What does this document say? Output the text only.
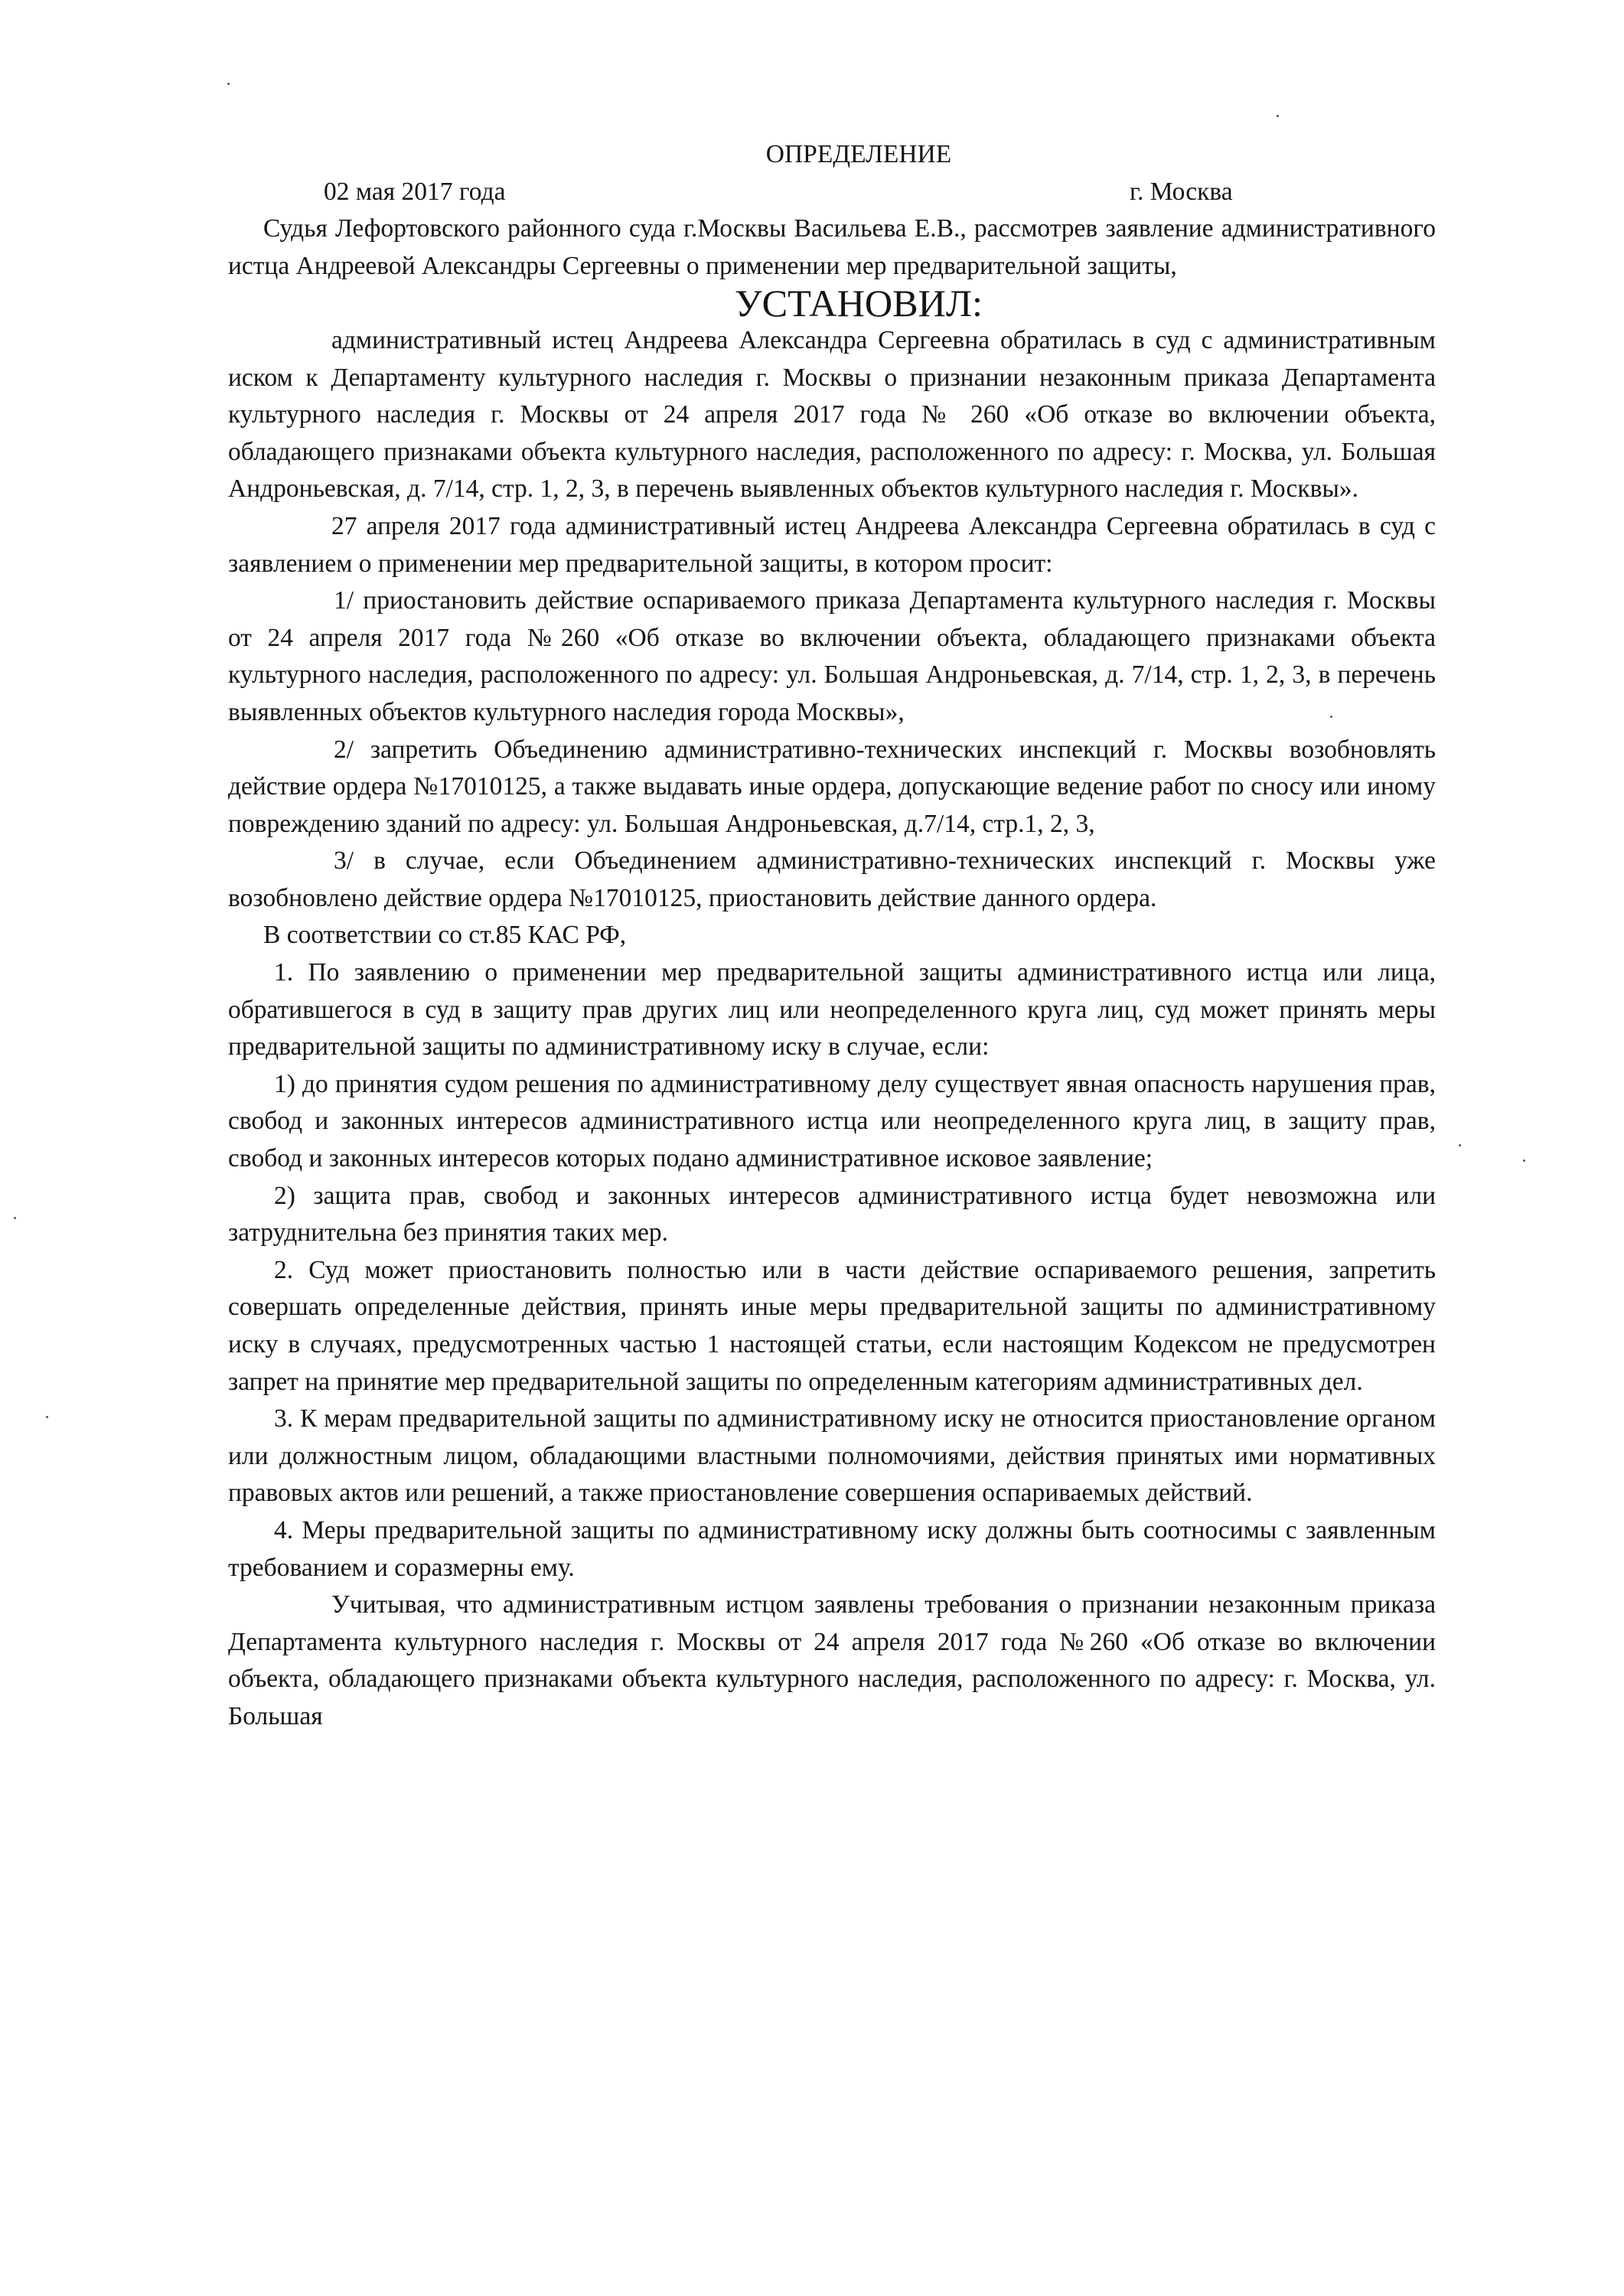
ОПРЕДЕЛЕНИЕ
02 мая 2017 года	г. Москва

Судья Лефортовского районного суда г.Москвы Васильева Е.В., рассмотрев заявление административного истца Андреевой Александры Сергеевны о применении мер предварительной защиты,

УСТАНОВИЛ:

административный истец Андреева Александра Сергеевна обратилась в суд с административным иском к Департаменту культурного наследия г. Москвы о признании незаконным приказа Департамента культурного наследия г. Москвы от 24 апреля 2017 года № 260 «Об отказе во включении объекта, обладающего признаками объекта культурного наследия, расположенного по адресу: г. Москва, ул. Большая Андроньевская, д. 7/14, стр. 1, 2, 3, в перечень выявленных объектов культурного наследия г. Москвы».

27 апреля 2017 года административный истец Андреева Александра Сергеевна обратилась в суд с заявлением о применении мер предварительной защиты, в котором просит:

1/ приостановить действие оспариваемого приказа Департамента культурного наследия г. Москвы от 24 апреля 2017 года №260 «Об отказе во включении объекта, обладающего признаками объекта культурного наследия, расположенного по адресу: ул. Большая Андроньевская, д. 7/14, стр. 1, 2, 3, в перечень выявленных объектов культурного наследия города Москвы»,

2/ запретить Объединению административно-технических инспекций г. Москвы возобновлять действие ордера №17010125, а также выдавать иные ордера, допускающие ведение работ по сносу или иному повреждению зданий по адресу: ул. Большая Андроньевская, д.7/14, стр.1, 2, 3,

3/ в случае, если Объединением административно-технических инспекций г. Москвы уже возобновлено действие ордера №17010125, приостановить действие данного ордера.

В соответствии со ст.85 КАС РФ,

1. По заявлению о применении мер предварительной защиты административного истца или лица, обратившегося в суд в защиту прав других лиц или неопределенного круга лиц, суд может принять меры предварительной защиты по административному иску в случае, если:

1) до принятия судом решения по административному делу существует явная опасность нарушения прав, свобод и законных интересов административного истца или неопределенного круга лиц, в защиту прав, свобод и законных интересов которых подано административное исковое заявление;

2) защита прав, свобод и законных интересов административного истца будет невозможна или затруднительна без принятия таких мер.

2. Суд может приостановить полностью или в части действие оспариваемого решения, запретить совершать определенные действия, принять иные меры предварительной защиты по административному иску в случаях, предусмотренных частью 1 настоящей статьи, если настоящим Кодексом не предусмотрен запрет на принятие мер предварительной защиты по определенным категориям административных дел.

3. К мерам предварительной защиты по административному иску не относится приостановление органом или должностным лицом, обладающими властными полномочиями, действия принятых ими нормативных правовых актов или решений, а также приостановление совершения оспариваемых действий.

4. Меры предварительной защиты по административному иску должны быть соотносимы с заявленным требованием и соразмерны ему.

Учитывая, что административным истцом заявлены требования о признании незаконным приказа Департамента культурного наследия г. Москвы от 24 апреля 2017 года №260 «Об отказе во включении объекта, обладающего признаками объекта культурного наследия, расположенного по адресу: г. Москва, ул. Большая
